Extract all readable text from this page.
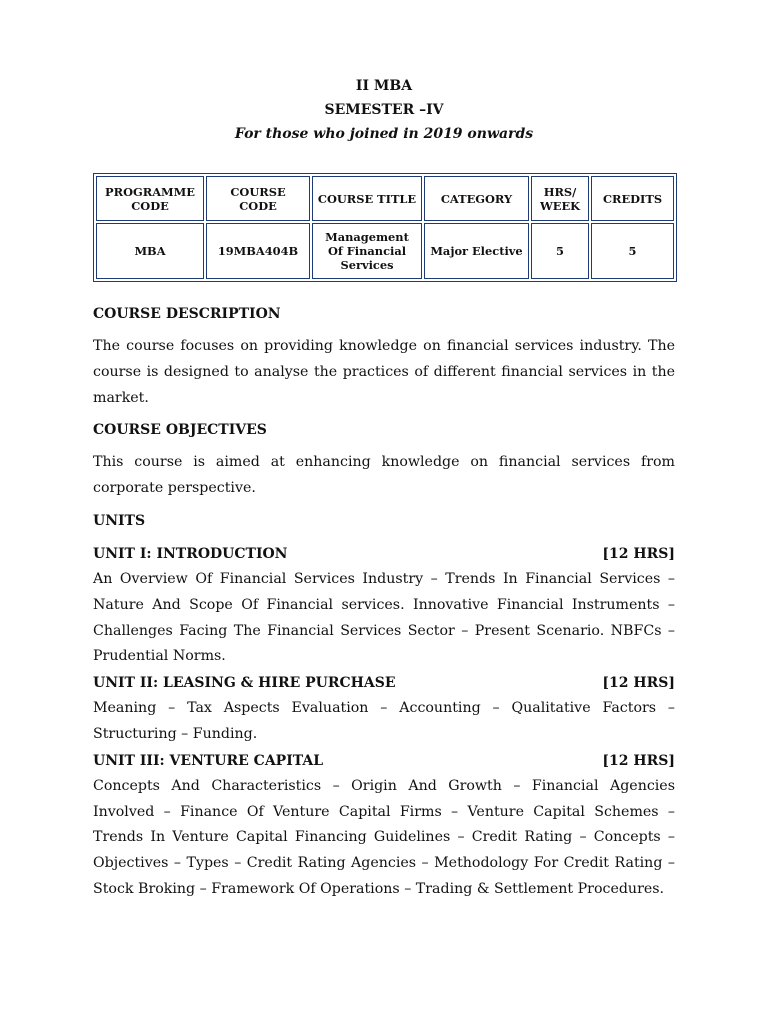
II MBA
SEMESTER –IV
For those who joined in 2019 onwards
PROGRAMME CODE	COURSE CODE	COURSE TITLE	CATEGORY	HRS/ WEEK	CREDITS
MBA	19MBA404B	Management Of Financial Services	Major Elective	5	5
COURSE DESCRIPTION

The course focuses on providing knowledge on financial services industry. The course is designed to analyse the practices of different financial services in the market.

COURSE OBJECTIVES

This course is aimed at enhancing knowledge on financial services from corporate perspective.

UNITS
UNIT I: INTRODUCTION	[12 HRS]

An Overview Of Financial Services Industry – Trends In Financial Services – Nature And Scope Of Financial services. Innovative Financial Instruments – Challenges Facing The Financial Services Sector – Present Scenario. NBFCs – Prudential Norms.

UNIT II: LEASING & HIRE PURCHASE	[12 HRS]

Meaning – Tax Aspects Evaluation – Accounting – Qualitative Factors – Structuring – Funding.

UNIT III: VENTURE CAPITAL	[12 HRS]

Concepts And Characteristics – Origin And Growth – Financial Agencies Involved – Finance Of Venture Capital Firms – Venture Capital Schemes – Trends In Venture Capital Financing Guidelines – Credit Rating – Concepts – Objectives – Types – Credit Rating Agencies – Methodology For Credit Rating – Stock Broking – Framework Of Operations – Trading & Settlement Procedures.
